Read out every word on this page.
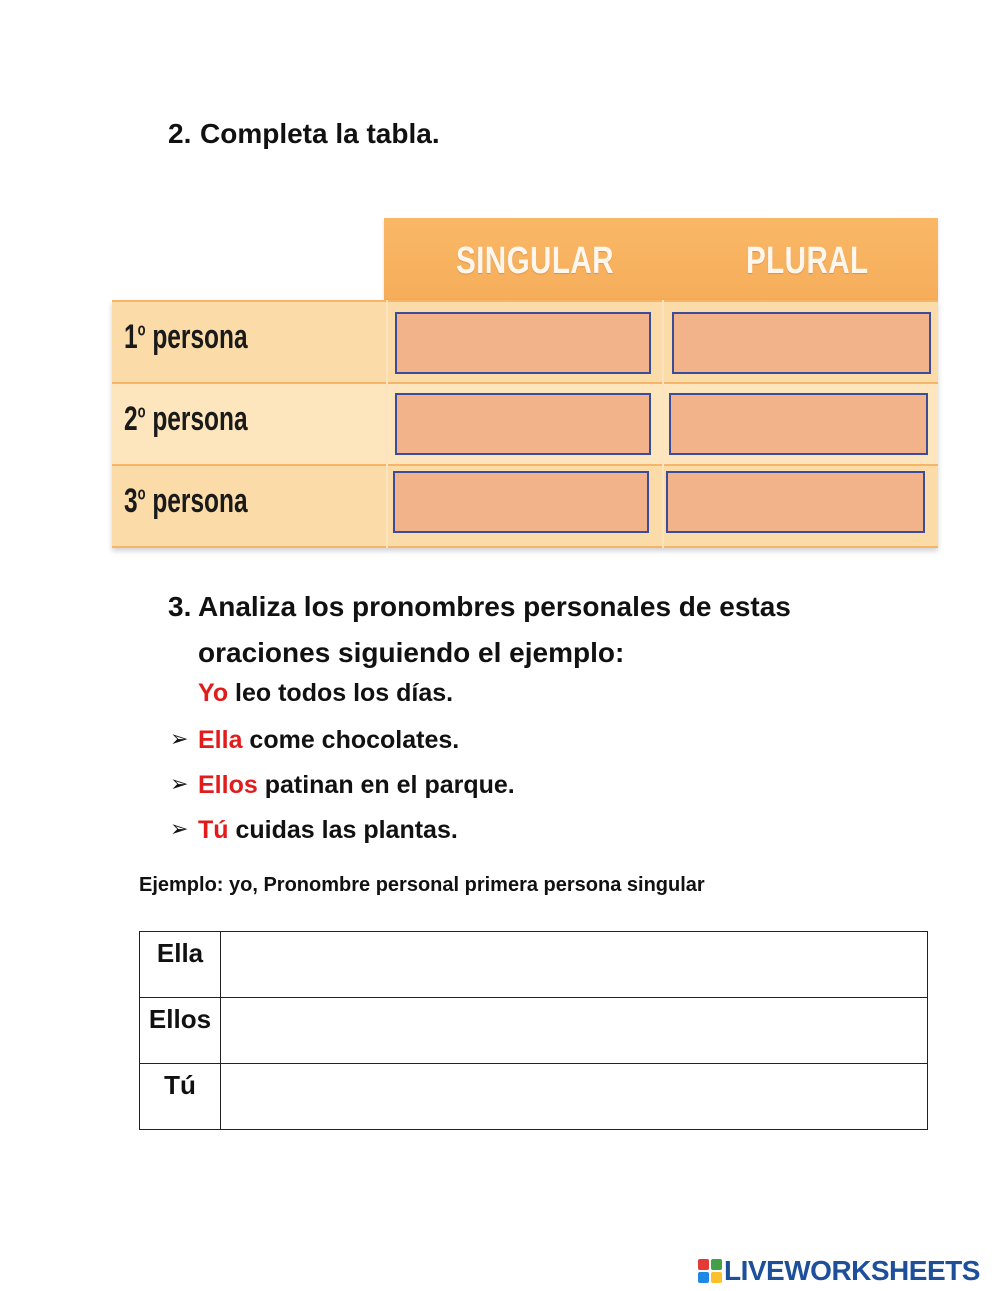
2. Completa la tabla.
SINGULAR	PLURAL
1$^o$ persona
2$^o$ persona
3$^o$ persona
3. Analiza los pronombres personales de estas oraciones siguiendo el ejemplo:
Yo leo todos los días.
➢ Ella come chocolates.
➢ Ellos patinan en el parque.
➢ Tú cuidas las plantas.
Ejemplo: yo, Pronombre personal primera persona singular
Ella	
Ellos	
Tú	
LIVEWORKSHEETS
